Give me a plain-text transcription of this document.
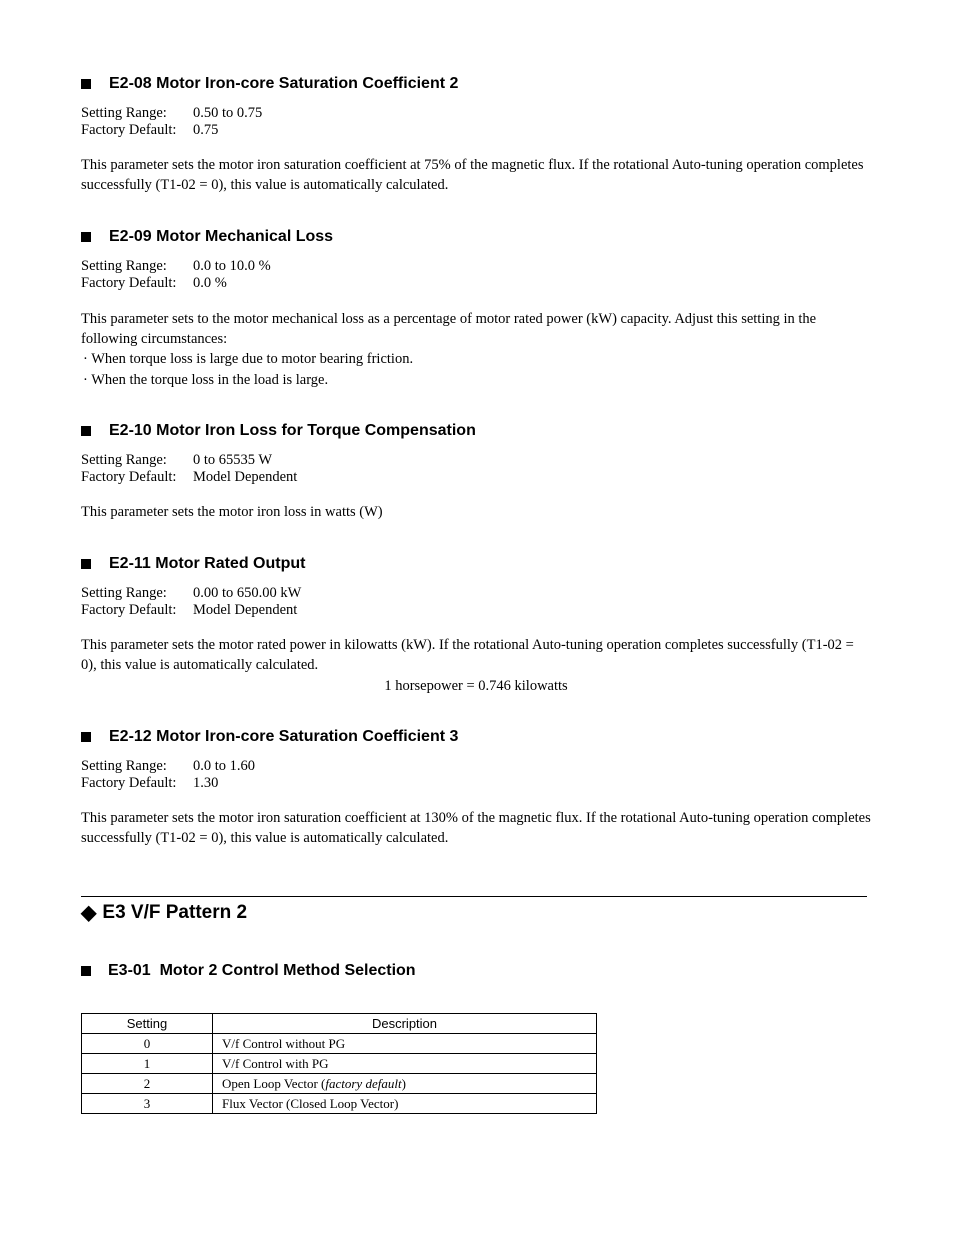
E2-08 Motor Iron-core Saturation Coefficient 2
Setting Range: 0.50 to 0.75
Factory Default: 0.75
This parameter sets the motor iron saturation coefficient at 75% of the magnetic flux. If the rotational Auto-tuning operation completes successfully (T1-02 = 0), this value is automatically calculated.
E2-09 Motor Mechanical Loss
Setting Range: 0.0 to 10.0 %
Factory Default: 0.0 %
This parameter sets to the motor mechanical loss as a percentage of motor rated power (kW) capacity. Adjust this setting in the following circumstances:
· When torque loss is large due to motor bearing friction.
· When the torque loss in the load is large.
E2-10 Motor Iron Loss for Torque Compensation
Setting Range: 0 to 65535 W
Factory Default: Model Dependent
This parameter sets the motor iron loss in watts (W)
E2-11 Motor Rated Output
Setting Range: 0.00 to 650.00 kW
Factory Default: Model Dependent
This parameter sets the motor rated power in kilowatts (kW). If the rotational Auto-tuning operation completes successfully (T1-02 = 0), this value is automatically calculated.
1 horsepower = 0.746 kilowatts
E2-12 Motor Iron-core Saturation Coefficient 3
Setting Range: 0.0 to 1.60
Factory Default: 1.30
This parameter sets the motor iron saturation coefficient at 130% of the magnetic flux. If the rotational Auto-tuning operation completes successfully (T1-02 = 0), this value is automatically calculated.
◆ E3 V/F Pattern 2
E3-01  Motor 2 Control Method Selection
Setting	Description
0	V/f Control without PG
1	V/f Control with PG
2	Open Loop Vector (factory default)
3	Flux Vector (Closed Loop Vector)
